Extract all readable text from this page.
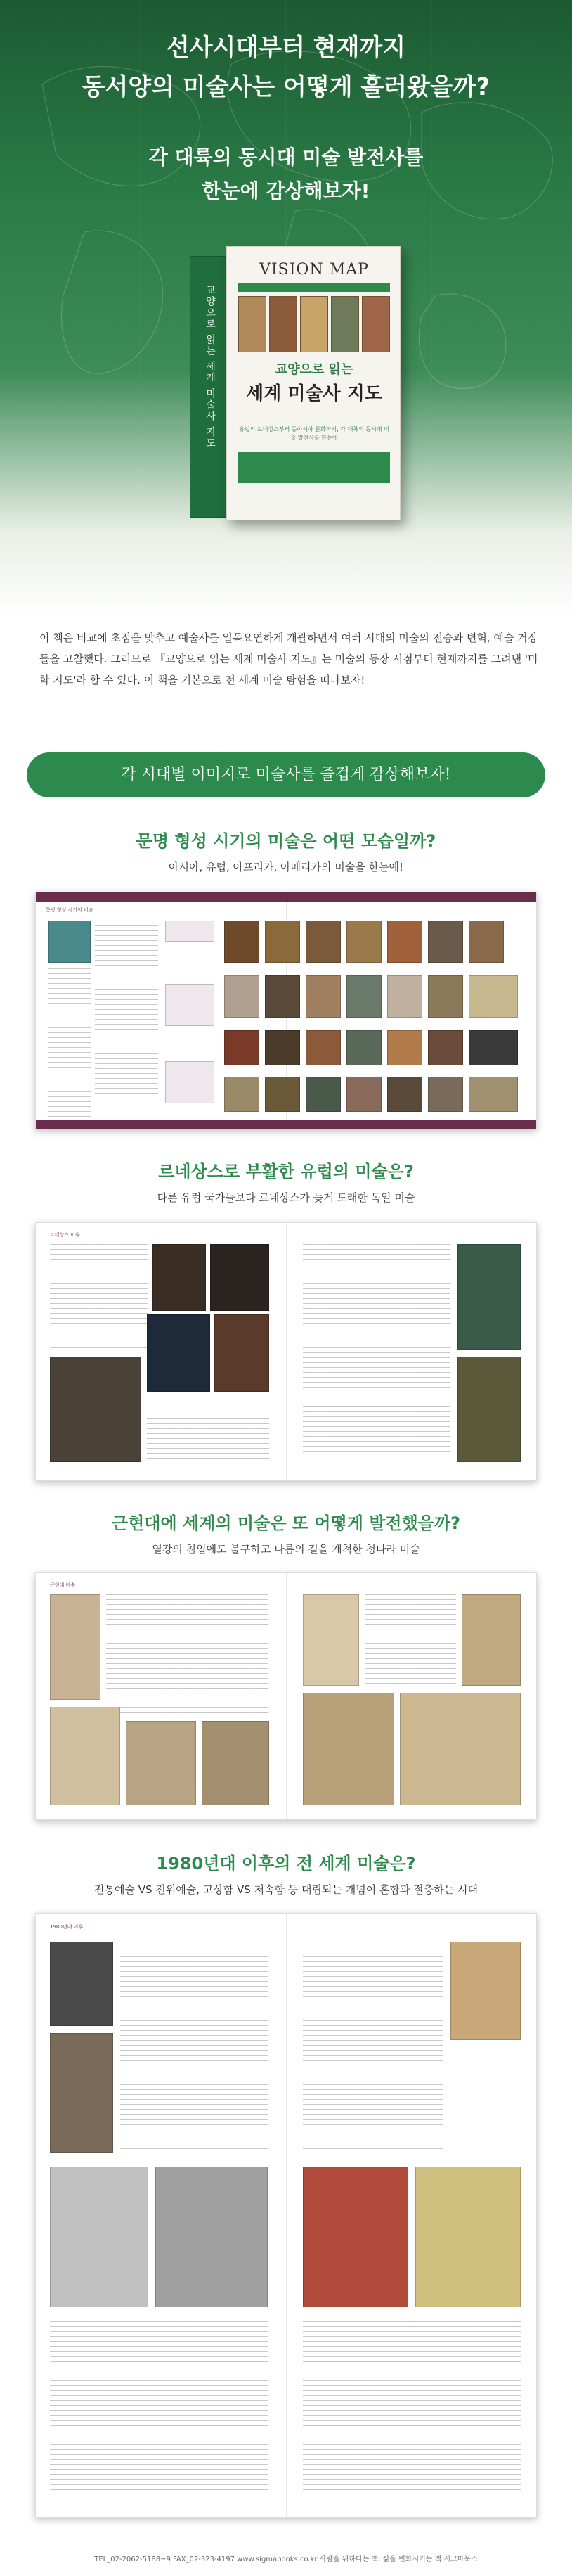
선사시대부터 현재까지
동서양의 미술사는 어떻게 흘러왔을까?
각 대륙의 동시대 미술 발전사를
한눈에 감상해보자!
교양으로 읽는 세계 미술사 지도
VISION MAP
교양으로 읽는
세계 미술사 지도
유럽의 르네상스부터 동아시아 문화까지, 각 대륙의 동시대 미술 발전사를 한눈에
이 책은 비교에 초점을 맞추고 예술사를 일목요연하게 개괄하면서 여러 시대의 미술의 전승과 변혁, 예술 거장들을 고찰했다. 그리므로 『교양으로 읽는 세계 미술사 지도』는 미술의 등장 시점부터 현재까지를 그려낸 '미학 지도'라 할 수 있다. 이 책을 기본으로 전 세계 미술 탐험을 떠나보자!
각 시대별 이미지로 미술사를 즐겁게 감상해보자!
문명 형성 시기의 미술은 어떤 모습일까?
아시아, 유럽, 아프리카, 아메리카의 미술을 한눈에!
문명 형성 시기의 미술
르네상스로 부활한 유럽의 미술은?
다른 유럽 국가들보다 르네상스가 늦게 도래한 독일 미술
르네상스 미술
근현대에 세계의 미술은 또 어떻게 발전했을까?
열강의 침입에도 불구하고 나름의 길을 개척한 청나라 미술
근현대 미술
1980년대 이후의 전 세계 미술은?
전통예술 VS 전위예술, 고상함 VS 저속함 등 대립되는 개념이 혼합과 절충하는 시대
1980년대 이후
TEL_02-2062-5188~9 FAX_02-323-4197 www.sigmabooks.co.kr 사람을 위하다는 책, 삶을 변화시키는 책 시그마북스
